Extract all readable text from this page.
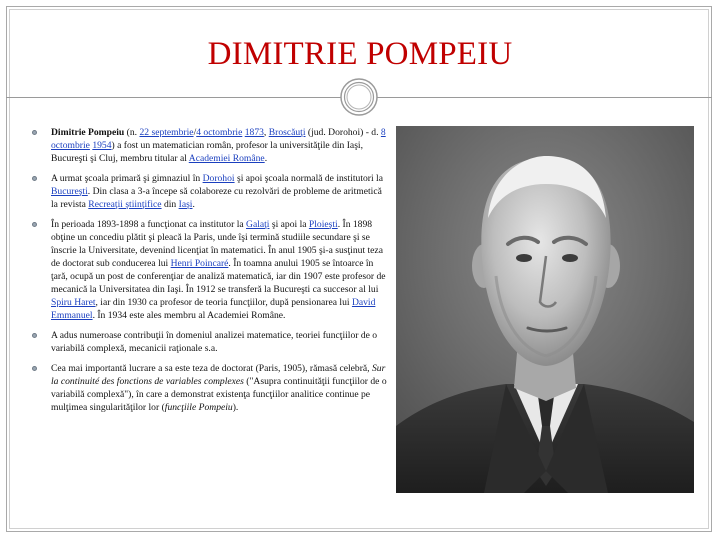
DIMITRIE POMPEIU
Dimitrie Pompeiu (n. 22 septembrie/4 octombrie 1873, Broscăuţi (jud. Dorohoi) - d. 8 octombrie 1954) a fost un matematician român, profesor la universităţile din Iaşi, Bucureşti şi Cluj, membru titular al Academiei Române.
A urmat şcoala primară şi gimnaziul în Dorohoi şi apoi şcoala normală de institutori la Bucureşti. Din clasa a 3-a începe să colaboreze cu rezolvări de probleme de aritmetică la revista Recreaţii ştiinţifice din Iaşi.
În perioada 1893-1898 a funcţionat ca institutor la Galaţi şi apoi la Ploieşti. În 1898 obţine un concediu plătit şi pleacă la Paris, unde îşi termină studiile secundare şi se înscrie la Universitate, devenind licenţiat în matematici. În anul 1905 şi-a susţinut teza de doctorat sub conducerea lui Henri Poincaré. În toamna anului 1905 se întoarce în ţară, ocupă un post de conferenţiar de analiză matematică, iar din 1907 este profesor de mecanică la Universitatea din Iaşi. În 1912 se transferă la Bucureşti ca succesor al lui Spiru Haret, iar din 1930 ca profesor de teoria funcţiilor, după pensionarea lui David Emmanuel. În 1934 este ales membru al Academiei Române.
A adus numeroase contribuţii în domeniul analizei matematice, teoriei funcţiilor de o variabilă complexă, mecanicii raţionale s.a.
Cea mai importantă lucrare a sa este teza de doctorat (Paris, 1905), rămasă celebră, Sur la continuité des fonctions de variables complexes ("Asupra continuităţii funcţiilor de o variabilă complexă"), în care a demonstrat existenţa funcţiilor analitice continue pe mulţimea singularităţilor lor (funcţiile Pompeiu).
